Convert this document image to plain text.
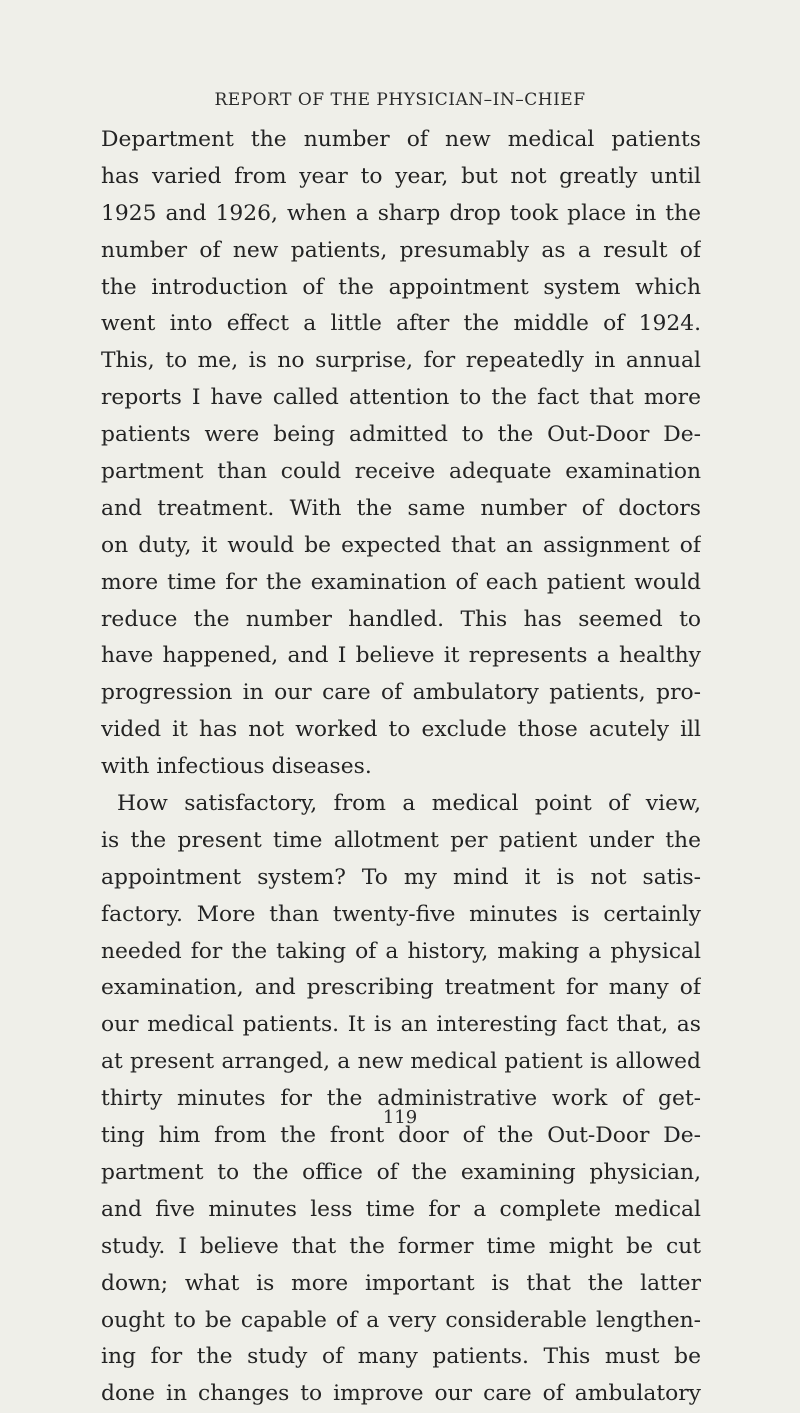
REPORT OF THE PHYSICIAN–IN–CHIEF
Department the number of new medical patients
has varied from year to year, but not greatly until
1925 and 1926, when a sharp drop took place in the
number of new patients, presumably as a result of
the introduction of the appointment system which
went into effect a little after the middle of 1924.
This, to me, is no surprise, for repeatedly in annual
reports I have called attention to the fact that more
patients were being admitted to the Out-Door De-
partment than could receive adequate examination
and treatment. With the same number of doctors
on duty, it would be expected that an assignment of
more time for the examination of each patient would
reduce the number handled. This has seemed to
have happened, and I believe it represents a healthy
progression in our care of ambulatory patients, pro-
vided it has not worked to exclude those acutely ill
with infectious diseases.
How satisfactory, from a medical point of view,
is the present time allotment per patient under the
appointment system? To my mind it is not satis-
factory. More than twenty-five minutes is certainly
needed for the taking of a history, making a physical
examination, and prescribing treatment for many of
our medical patients. It is an interesting fact that, as
at present arranged, a new medical patient is allowed
thirty minutes for the administrative work of get-
ting him from the front door of the Out-Door De-
partment to the office of the examining physician,
and five minutes less time for a complete medical
study. I believe that the former time might be cut
down; what is more important is that the latter
ought to be capable of a very considerable lengthen-
ing for the study of many patients. This must be
done in changes to improve our care of ambulatory
119
